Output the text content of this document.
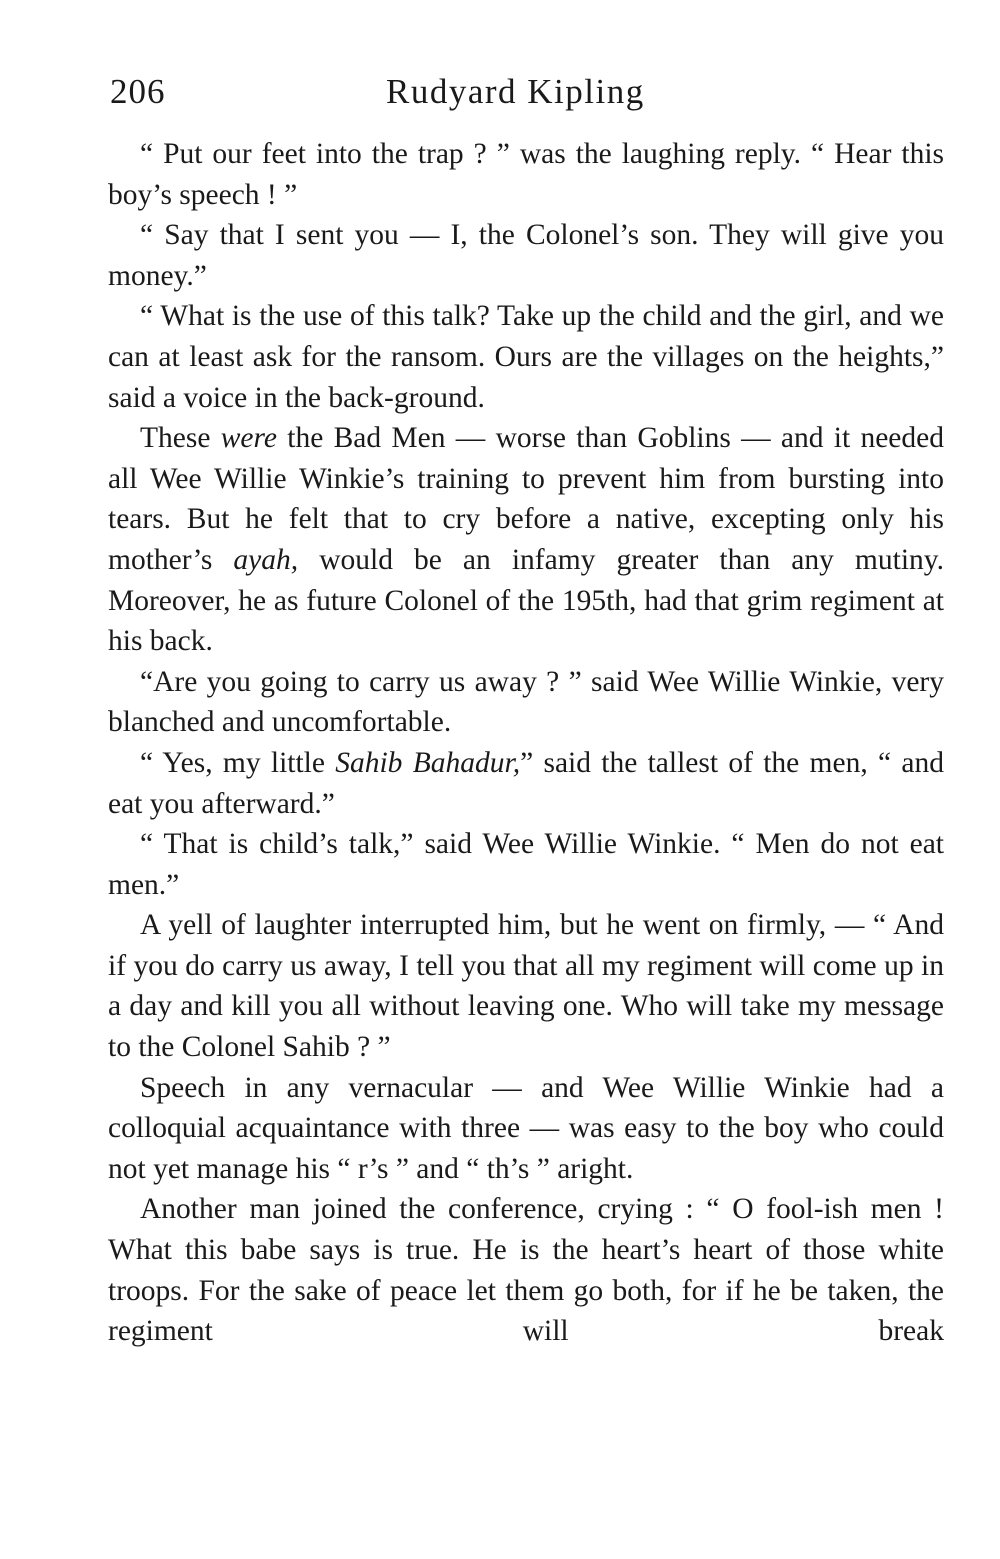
206	Rudyard Kipling

“ Put our feet into the trap ? ” was the laughing reply. “ Hear this boy’s speech ! ”

“ Say that I sent you — I, the Colonel’s son. They will give you money.”

“ What is the use of this talk? Take up the child and the girl, and we can at least ask for the ransom. Ours are the villages on the heights,” said a voice in the back-ground.

These were the Bad Men — worse than Goblins — and it needed all Wee Willie Winkie’s training to prevent him from bursting into tears. But he felt that to cry before a native, excepting only his mother’s ayah, would be an infamy greater than any mutiny. Moreover, he as future Colonel of the 195th, had that grim regiment at his back.

“Are you going to carry us away ? ” said Wee Willie Winkie, very blanched and uncomfortable.

“ Yes, my little Sahib Bahadur,” said the tallest of the men, “ and eat you afterward.”

“ That is child’s talk,” said Wee Willie Winkie. “ Men do not eat men.”

A yell of laughter interrupted him, but he went on firmly, — “ And if you do carry us away, I tell you that all my regiment will come up in a day and kill you all without leaving one. Who will take my message to the Colonel Sahib ? ”

Speech in any vernacular — and Wee Willie Winkie had a colloquial acquaintance with three — was easy to the boy who could not yet manage his “ r’s ” and “ th’s ” aright.

Another man joined the conference, crying : “ O fool-ish men ! What this babe says is true. He is the heart’s heart of those white troops. For the sake of peace let them go both, for if he be taken, the regiment will break
